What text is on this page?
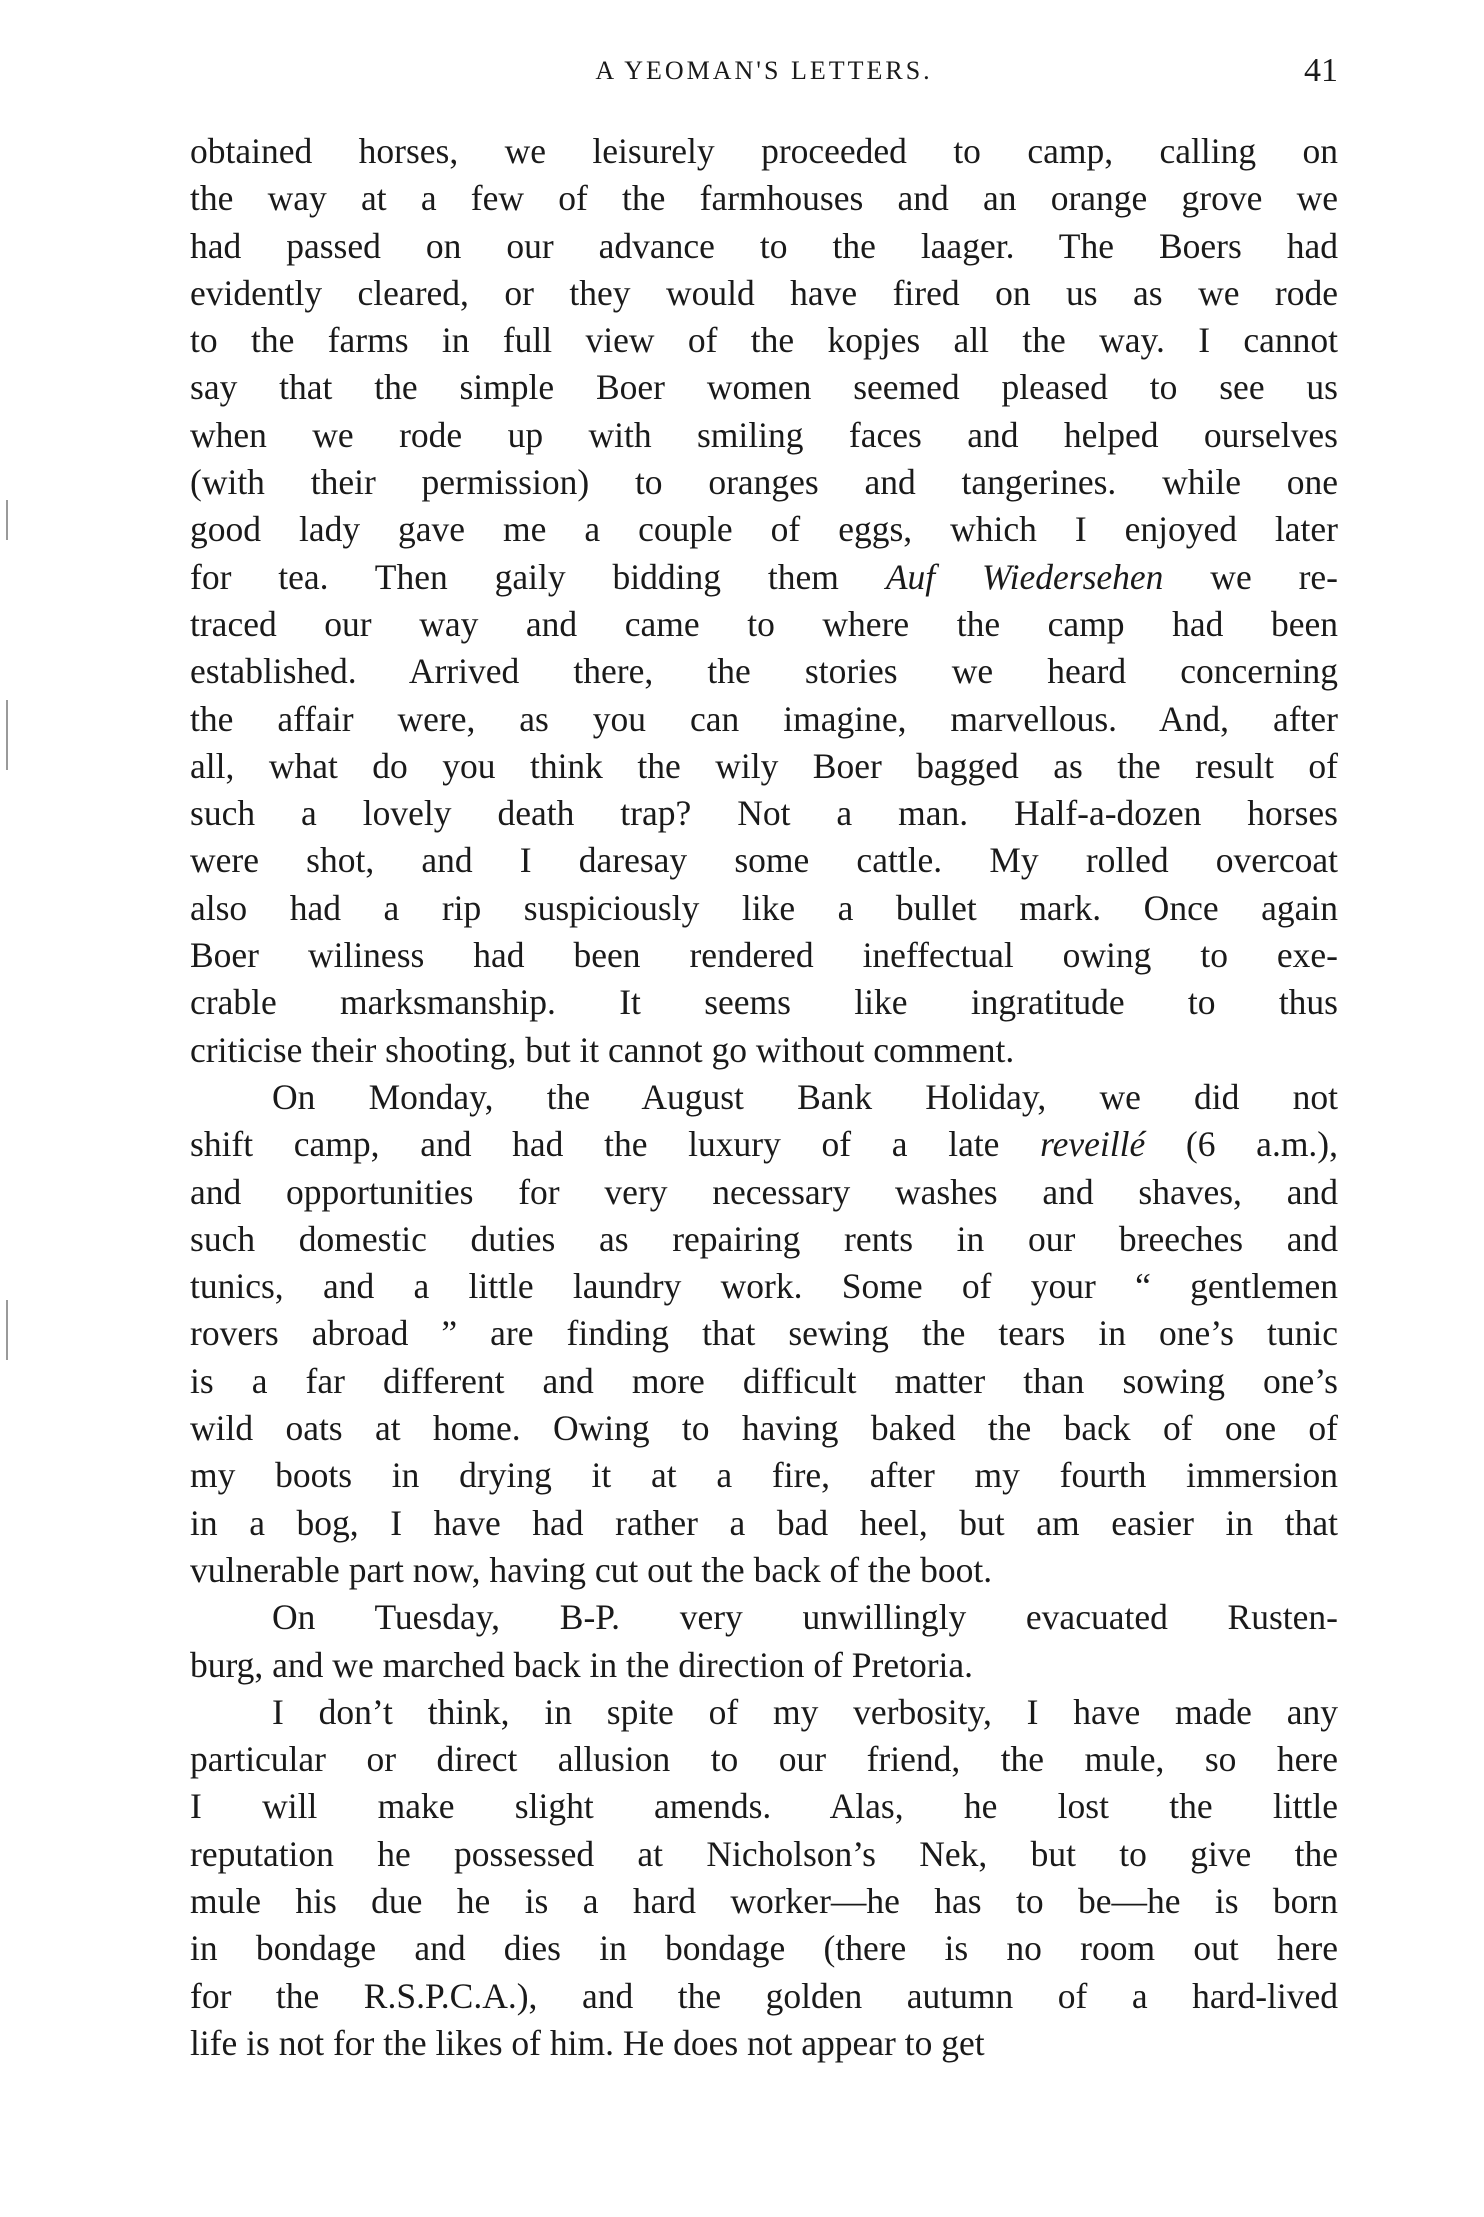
A YEOMAN'S LETTERS.	41
obtained horses, we leisurely proceeded to camp, calling on
the way at a few of the farmhouses and an orange grove we
had passed on our advance to the laager. The Boers had
evidently cleared, or they would have fired on us as we rode
to the farms in full view of the kopjes all the way. I cannot
say that the simple Boer women seemed pleased to see us
when we rode up with smiling faces and helped ourselves
(with their permission) to oranges and tangerines. while one
good lady gave me a couple of eggs, which I enjoyed later
for tea. Then gaily bidding them Auf Wiedersehen we re-
traced our way and came to where the camp had been
established. Arrived there, the stories we heard concerning
the affair were, as you can imagine, marvellous. And, after
all, what do you think the wily Boer bagged as the result of
such a lovely death trap? Not a man. Half-a-dozen horses
were shot, and I daresay some cattle. My rolled overcoat
also had a rip suspiciously like a bullet mark. Once again
Boer wiliness had been rendered ineffectual owing to exe-
crable marksmanship. It seems like ingratitude to thus
criticise their shooting, but it cannot go without comment.
On Monday, the August Bank Holiday, we did not
shift camp, and had the luxury of a late reveillé (6 a.m.),
and opportunities for very necessary washes and shaves, and
such domestic duties as repairing rents in our breeches and
tunics, and a little laundry work. Some of your “ gentlemen
rovers abroad ” are finding that sewing the tears in one’s tunic
is a far different and more difficult matter than sowing one’s
wild oats at home. Owing to having baked the back of one of
my boots in drying it at a fire, after my fourth immersion
in a bog, I have had rather a bad heel, but am easier in that
vulnerable part now, having cut out the back of the boot.
On Tuesday, B-P. very unwillingly evacuated Rusten-
burg, and we marched back in the direction of Pretoria.
I don’t think, in spite of my verbosity, I have made any
particular or direct allusion to our friend, the mule, so here
I will make slight amends. Alas, he lost the little
reputation he possessed at Nicholson’s Nek, but to give the
mule his due he is a hard worker—he has to be—he is born
in bondage and dies in bondage (there is no room out here
for the R.S.P.C.A.), and the golden autumn of a hard-lived
life is not for the likes of him. He does not appear to get
